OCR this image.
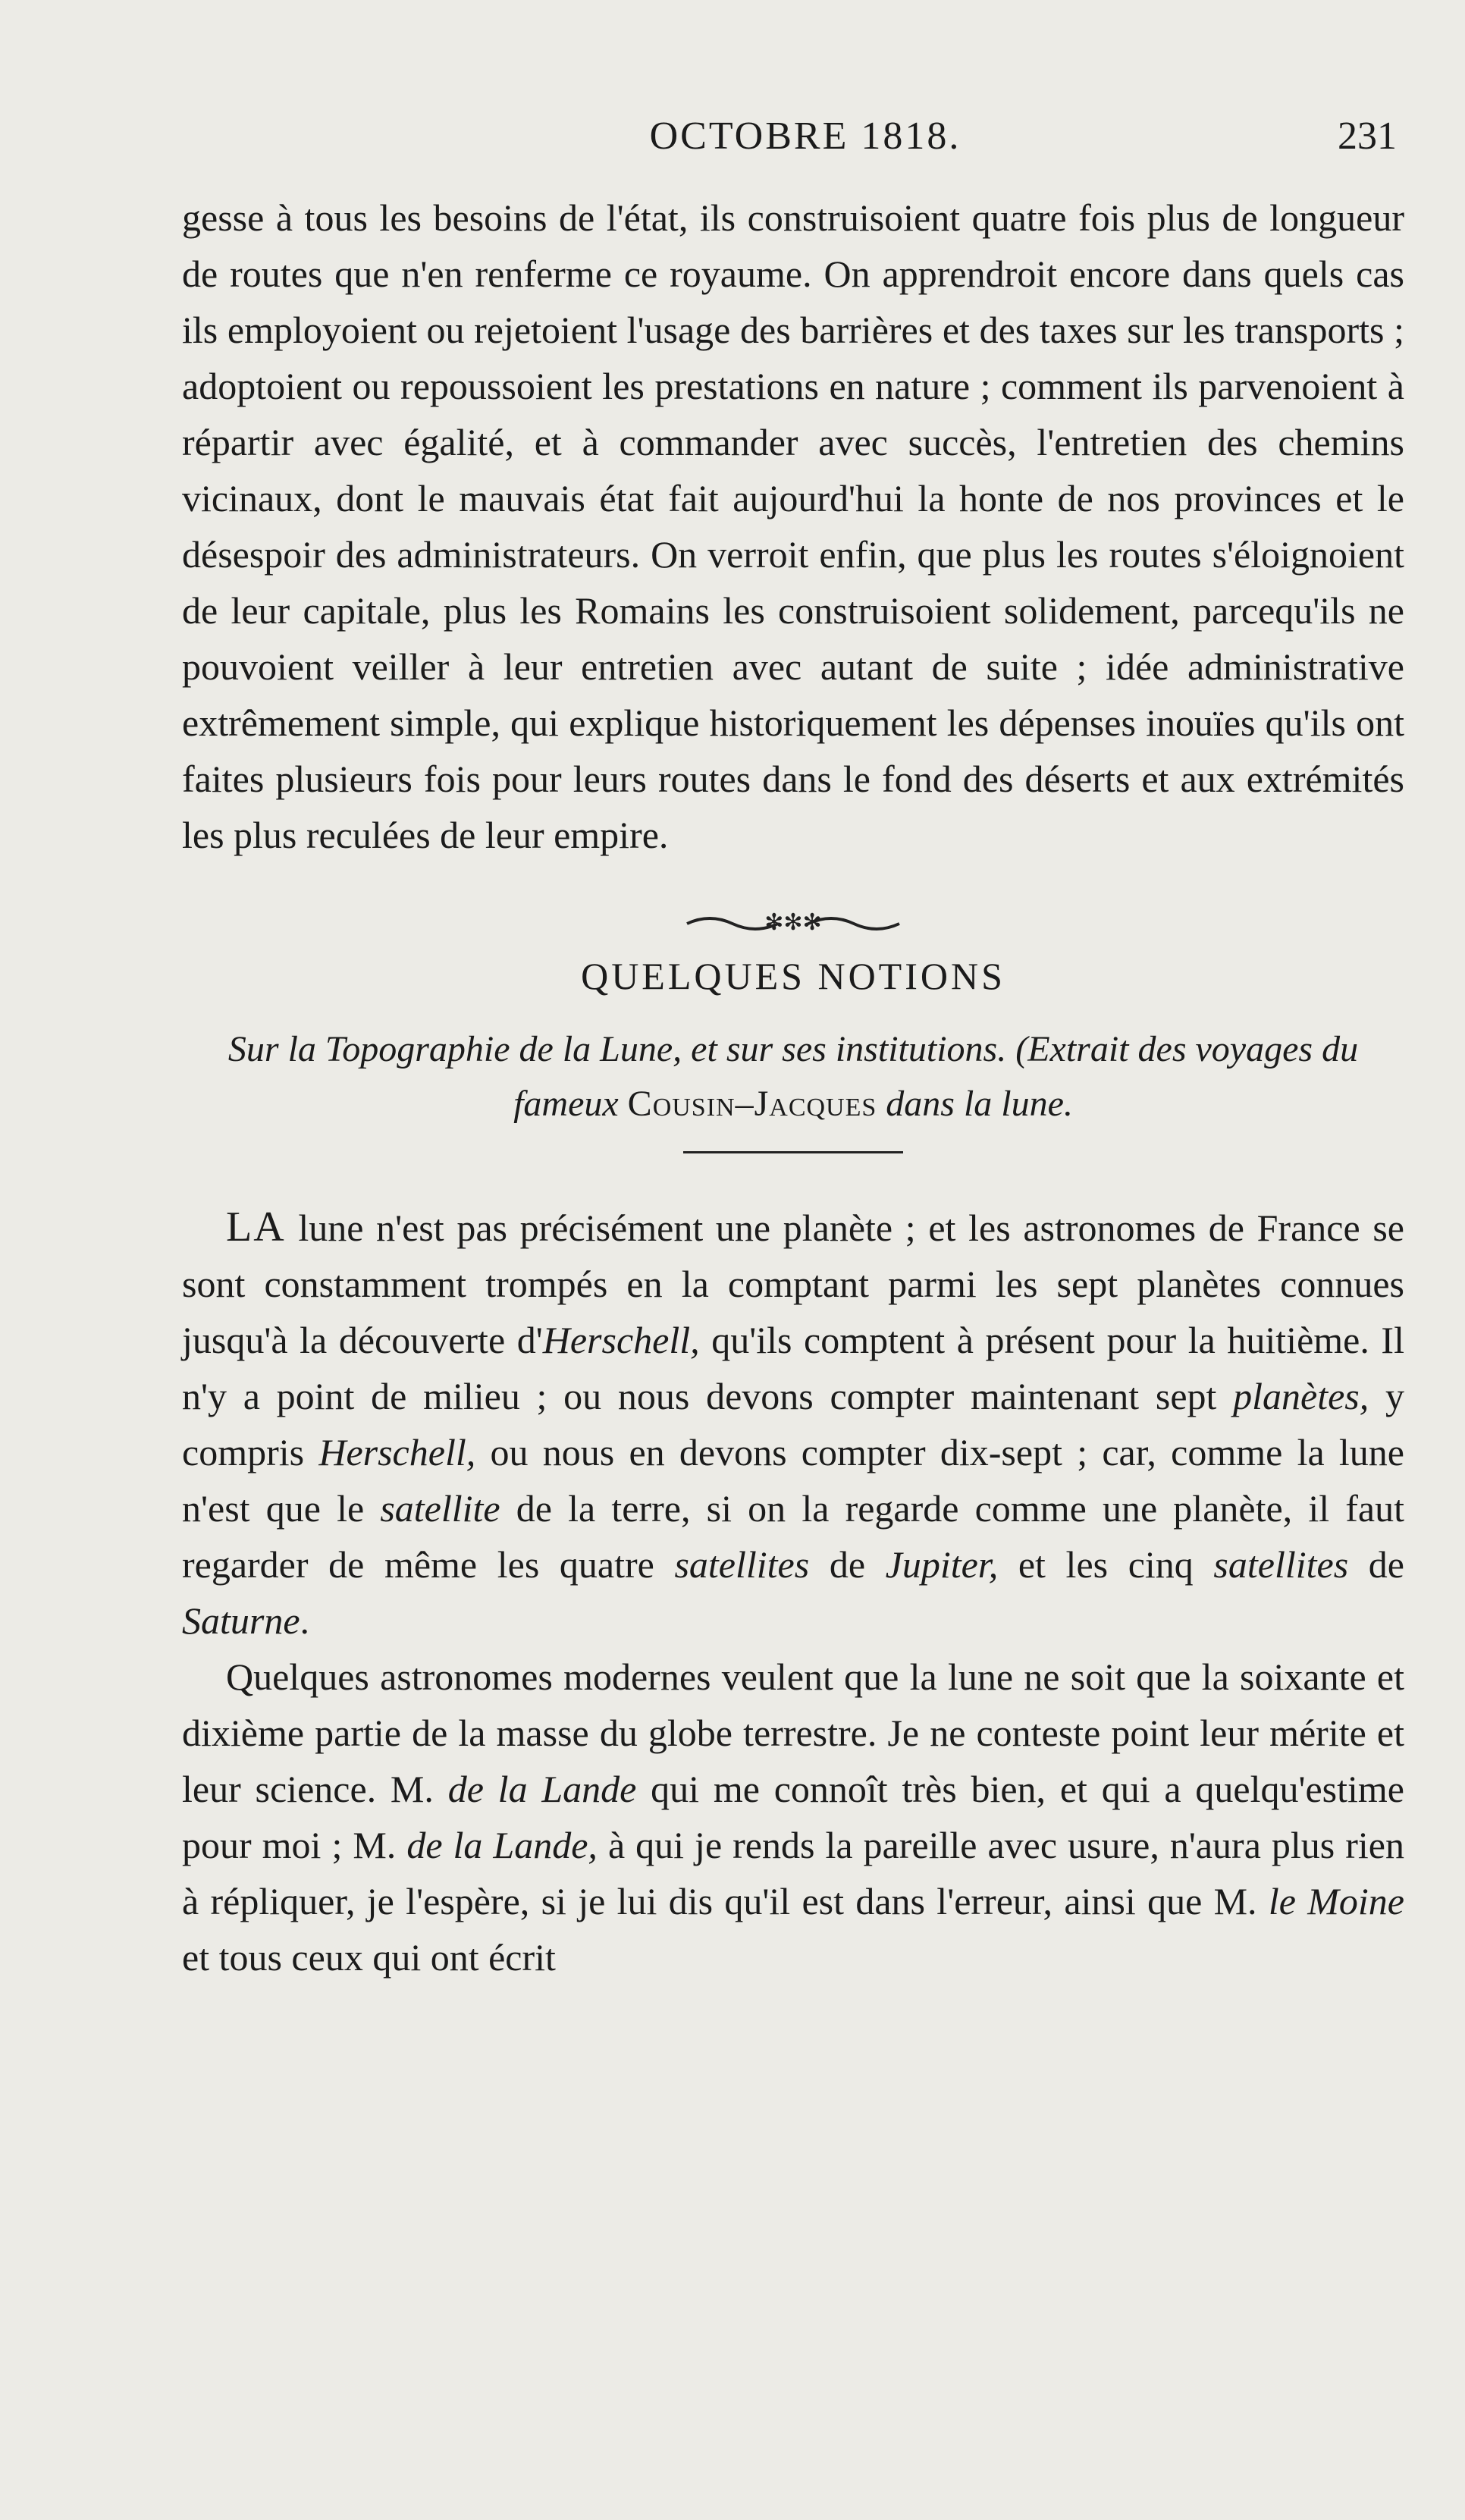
OCTOBRE 1818.	231

gesse à tous les besoins de l'état, ils construisoient quatre fois plus de longueur de routes que n'en renferme ce royaume. On apprendroit encore dans quels cas ils employoient ou rejetoient l'usage des barrières et des taxes sur les transports ; adoptoient ou repoussoient les prestations en nature ; comment ils parvenoient à répartir avec égalité, et à commander avec succès, l'entretien des chemins vicinaux, dont le mauvais état fait aujourd'hui la honte de nos provinces et le désespoir des administrateurs. On verroit enfin, que plus les routes s'éloignoient de leur capitale, plus les Romains les construisoient solidement, parcequ'ils ne pouvoient veiller à leur entretien avec autant de suite ; idée administrative extrêmement simple, qui explique historiquement les dépenses inouïes qu'ils ont faites plusieurs fois pour leurs routes dans le fond des déserts et aux extrémités les plus reculées de leur empire.

✻✻✻
QUELQUES NOTIONS

Sur la Topographie de la Lune, et sur ses institutions. (Extrait des voyages du fameux Cousin–Jacques dans la lune.

LA lune n'est pas précisément une planète ; et les astronomes de France se sont constamment trompés en la comptant parmi les sept planètes connues jusqu'à la découverte d'Herschell, qu'ils comptent à présent pour la huitième. Il n'y a point de milieu ; ou nous devons compter maintenant sept planètes, y compris Herschell, ou nous en devons compter dix-sept ; car, comme la lune n'est que le satellite de la terre, si on la regarde comme une planète, il faut regarder de même les quatre satellites de Jupiter, et les cinq satellites de Saturne.

Quelques astronomes modernes veulent que la lune ne soit que la soixante et dixième partie de la masse du globe terrestre. Je ne conteste point leur mérite et leur science. M. de la Lande qui me connoît très bien, et qui a quelqu'estime pour moi ; M. de la Lande, à qui je rends la pareille avec usure, n'aura plus rien à répliquer, je l'espère, si je lui dis qu'il est dans l'erreur, ainsi que M. le Moine et tous ceux qui ont écrit
